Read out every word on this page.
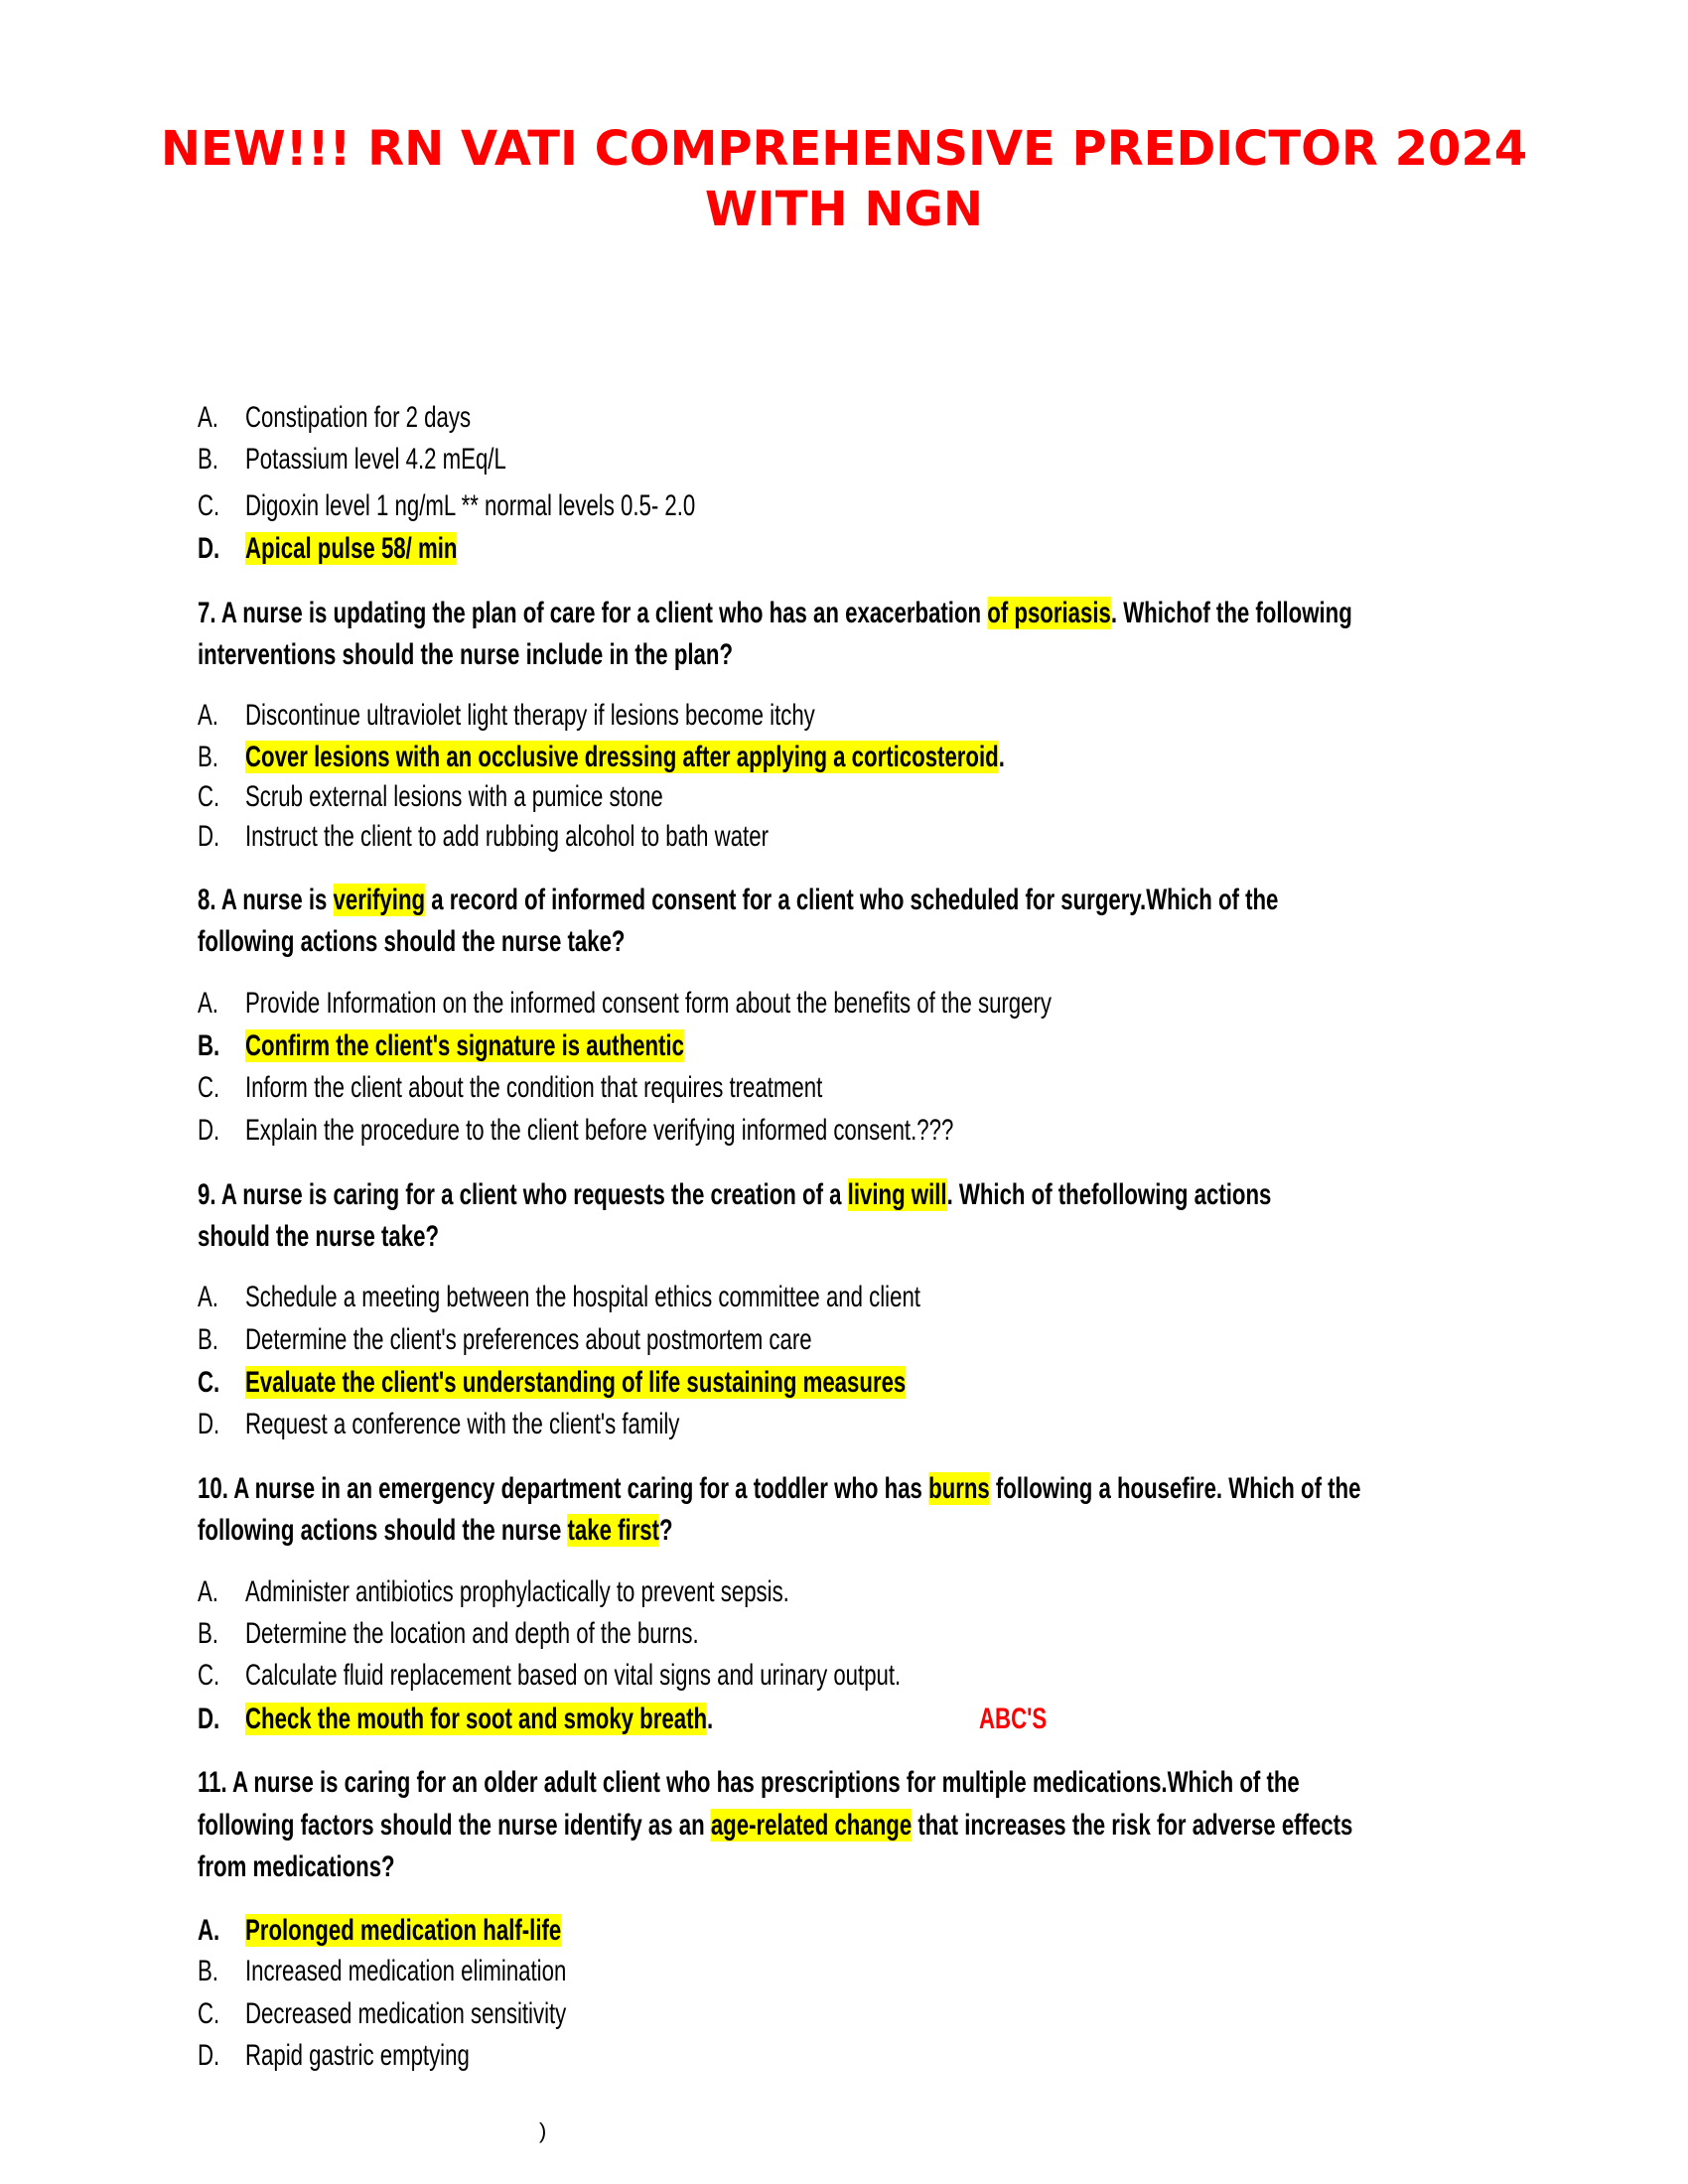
NEW!!! RN VATI COMPREHENSIVE PREDICTOR 2024
WITH NGN
A. Constipation for 2 days
B. Potassium level 4.2 mEq/L
C. Digoxin level 1 ng/mL ** normal levels 0.5- 2.0
D. Apical pulse 58/ min
7. A nurse is updating the plan of care for a client who has an exacerbation of psoriasis. Whichof the following
interventions should the nurse include in the plan?
A. Discontinue ultraviolet light therapy if lesions become itchy
B. Cover lesions with an occlusive dressing after applying a corticosteroid.
C. Scrub external lesions with a pumice stone
D. Instruct the client to add rubbing alcohol to bath water
8. A nurse is verifying a record of informed consent for a client who scheduled for surgery.Which of the
following actions should the nurse take?
A. Provide Information on the informed consent form about the benefits of the surgery
B. Confirm the client's signature is authentic
C. Inform the client about the condition that requires treatment
D. Explain the procedure to the client before verifying informed consent.???
9. A nurse is caring for a client who requests the creation of a living will. Which of thefollowing actions
should the nurse take?
A. Schedule a meeting between the hospital ethics committee and client
B. Determine the client's preferences about postmortem care
C. Evaluate the client's understanding of life sustaining measures
D. Request a conference with the client's family
10. A nurse in an emergency department caring for a toddler who has burns following a housefire. Which of the
following actions should the nurse take first?
A. Administer antibiotics prophylactically to prevent sepsis.
B. Determine the location and depth of the burns.
C. Calculate fluid replacement based on vital signs and urinary output.
D. Check the mouth for soot and smoky breath.	ABC'S
11. A nurse is caring for an older adult client who has prescriptions for multiple medications.Which of the
following factors should the nurse identify as an age-related change that increases the risk for adverse effects
from medications?
A. Prolonged medication half-life
B. Increased medication elimination
C. Decreased medication sensitivity
D. Rapid gastric emptying
)
